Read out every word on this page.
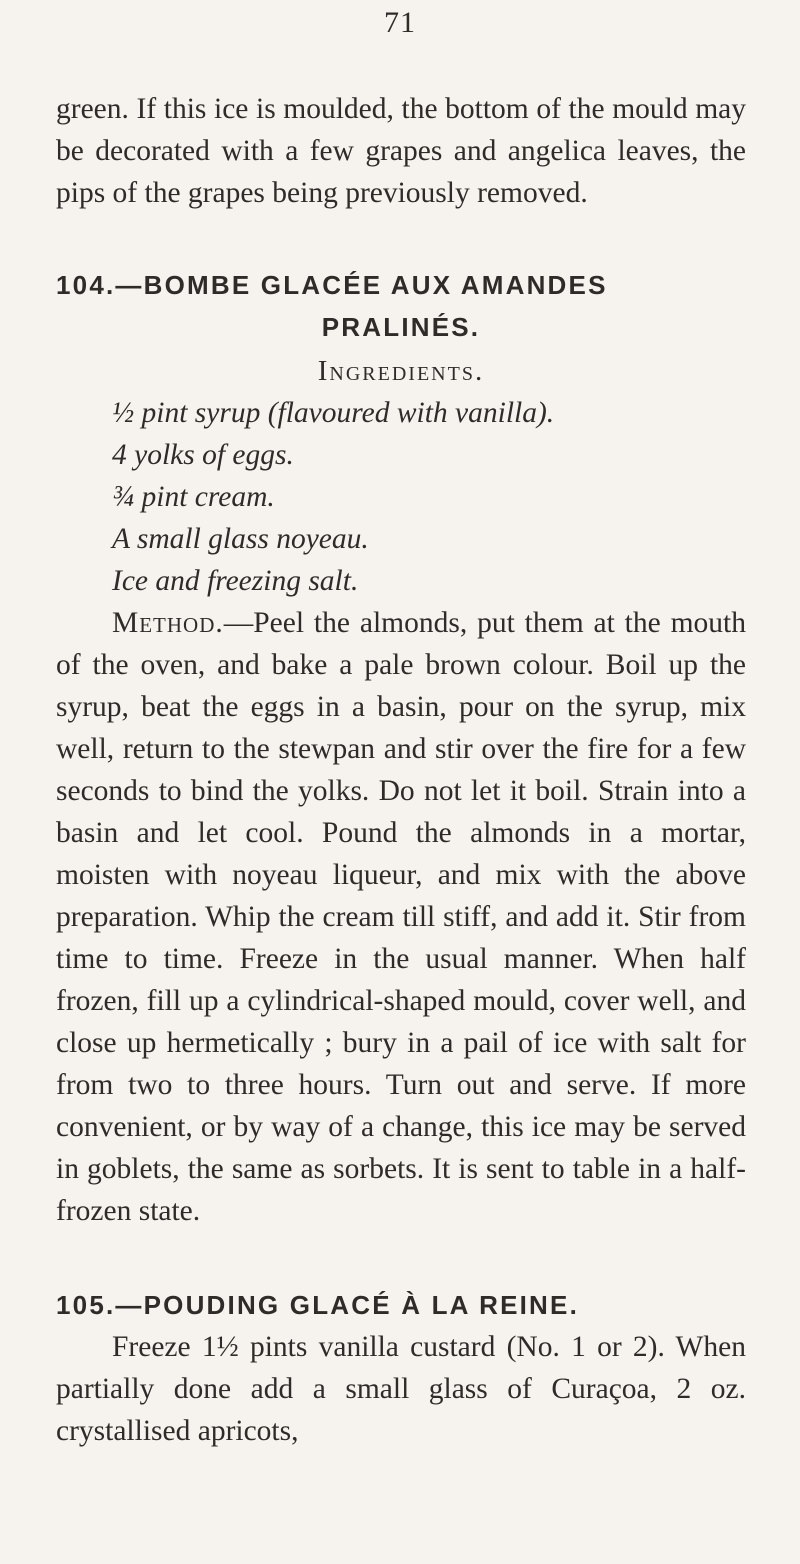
71

green. If this ice is moulded, the bottom of the mould may be decorated with a few grapes and angelica leaves, the pips of the grapes being previously removed.

104.—BOMBE GLACÉE AUX AMANDES
PRALINÉS.
Ingredients.
½ pint syrup (flavoured with vanilla).
4 yolks of eggs.
¾ pint cream.
A small glass noyeau.
Ice and freezing salt.

Method.—Peel the almonds, put them at the mouth of the oven, and bake a pale brown colour. Boil up the syrup, beat the eggs in a basin, pour on the syrup, mix well, return to the stewpan and stir over the fire for a few seconds to bind the yolks. Do not let it boil. Strain into a basin and let cool. Pound the almonds in a mortar, moisten with noyeau liqueur, and mix with the above preparation. Whip the cream till stiff, and add it. Stir from time to time. Freeze in the usual manner. When half frozen, fill up a cylindrical-shaped mould, cover well, and close up hermetically ; bury in a pail of ice with salt for from two to three hours. Turn out and serve. If more convenient, or by way of a change, this ice may be served in goblets, the same as sorbets. It is sent to table in a half-frozen state.

105.—POUDING GLACÉ À LA REINE.

Freeze 1½ pints vanilla custard (No. 1 or 2). When partially done add a small glass of Curaçoa, 2 oz. crystallised apricots,
